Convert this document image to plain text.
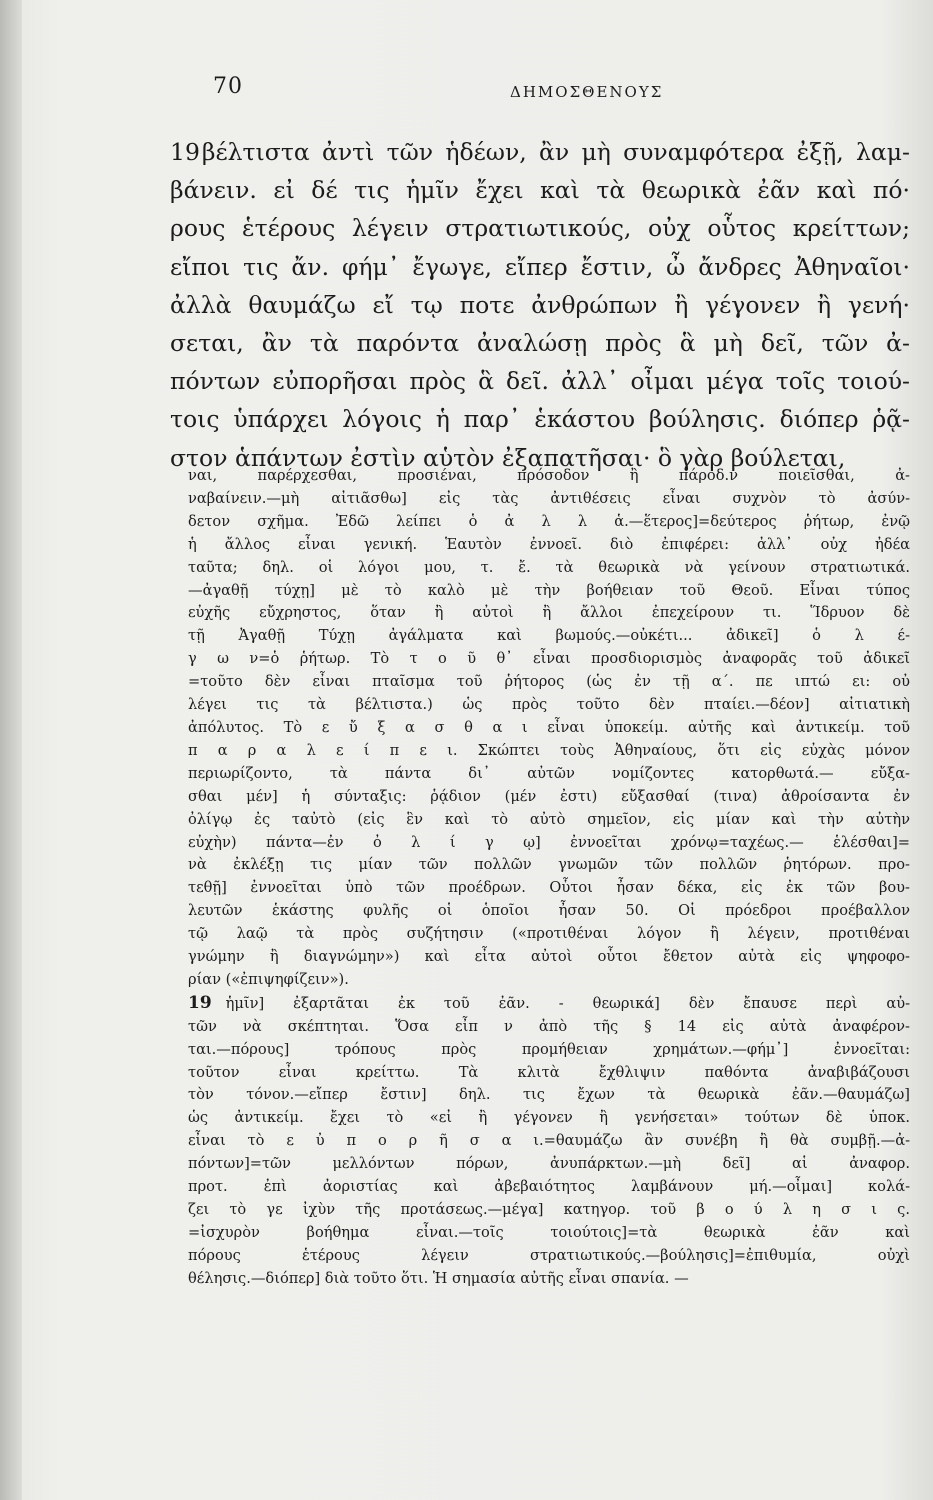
70	ΔΗΜΟΣΘΕΝΟΥΣ
19βέλτιστα ἀντὶ τῶν ἡδέων, ἂν μὴ συναμφότερα ἐξῇ, λαμ-
βάνειν. εἰ δέ τις ἡμῖν ἔχει καὶ τὰ θεωρικὰ ἐᾶν καὶ πό·
ρους ἑτέρους λέγειν στρατιωτικούς, οὐχ οὗτος κρείττων;
εἴποι τις ἄν. φήμ᾽ ἔγωγε, εἴπερ ἔστιν, ὦ ἄνδρες Ἀθηναῖοι·
ἀλλὰ θαυμάζω εἴ τῳ ποτε ἀνθρώπων ἢ γέγονεν ἢ γενή·
σεται, ἂν τὰ παρόντα ἀναλώσῃ πρὸς ἃ μὴ δεῖ, τῶν ἀ-
πόντων εὐπορῆσαι πρὸς ἃ δεῖ. ἀλλ᾽ οἶμαι μέγα τοῖς τοιού-
τοις ὑπάρχει λόγοις ἡ παρ᾽ ἑκάστου βούλησις. διόπερ ῥᾷ-
στον ἁπάντων ἐστὶν αὑτὸν ἐξαπατῆσαι· ὃ γὰρ βούλεται,
ναι, παρέρχεσθαι, προσιέναι, πρόσοδον ἢ πάροδ.ν ποιεῖσθαι, ἀ-
ναβαίνειν.—μὴ αἰτιᾶσθω] εἰς τὰς ἀντιθέσεις εἶναι συχνὸν τὸ ἀσύν-
δετον σχῆμα. Ἐδῶ λείπει ὁ ἀ λ λ ἁ.—ἕτερος]=δεύτερος ῥήτωρ, ἐνῷ
ἡ ἄλλος εἶναι γενική. Ἑαυτὸν ἐννοεῖ. διὸ ἐπιφέρει: ἀλλ᾽ οὐχ ἠδέα
ταῦτα; δηλ. οἱ λόγοι μου, τ. ἔ. τὰ θεωρικὰ νὰ γείνουν στρατιωτικά.
—ἀγαθῇ τύχῃ] μὲ τὸ καλὸ μὲ τὴν βοήθειαν τοῦ Θεοῦ. Εἶναι τύπος
εὐχῆς εὔχρηστος, ὅταν ἢ αὐτοὶ ἢ ἄλλοι ἐπεχείρουν τι. Ἵδρυον δὲ
τῇ Ἀγαθῇ Τύχῃ ἀγάλματα καὶ βωμούς.—οὐκέτι... ἀδικεῖ] ὁ λ έ-
γ ω ν=ὁ ῥήτωρ. Τὸ τ ο ῦ θ᾽ εἶναι προσδιορισμὸς ἀναφορᾶς τοῦ ἀδικεῖ
=τοῦτο δὲν εἶναι πταῖσμα τοῦ ῥήτορος (ὡς ἐν τῇ α΄. πε ιπτώ ει: οὐ
λέγει τις τὰ βέλτιστα.) ὡς πρὸς τοῦτο δὲν πταίει.—δέον] αἰτιατικὴ
ἀπόλυτος. Τὸ ε ὔ ξ α σ θ α ι εἶναι ὑποκείμ. αὐτῆς καὶ ἀντικείμ. τοῦ
π α ρ α λ ε ί π ε ι. Σκώπτει τοὺς Ἀθηναίους, ὅτι εἰς εὐχὰς μόνον
περιωρίζοντο, τὰ πάντα δι᾽ αὐτῶν νομίζοντες κατορθωτά.— εὔξα-
σθαι μέν] ἡ σύνταξις: ῥᾴδιον (μέν ἐστι) εὔξασθαί (τινα) ἀθροίσαντα ἐν
ὀλίγῳ ἐς ταὐτὸ (εἰς ἓν καὶ τὸ αὐτὸ σημεῖον, εἰς μίαν καὶ τὴν αὐτὴν
εὐχὴν) πάντα—ἐν ὀ λ ί γ ῳ] ἐννοεῖται χρόνῳ=ταχέως.— ἑλέσθαι]=
νὰ ἐκλέξῃ τις μίαν τῶν πολλῶν γνωμῶν τῶν πολλῶν ῥητόρων. προ-
τεθῇ] ἐννοεῖται ὑπὸ τῶν προέδρων. Οὗτοι ἦσαν δέκα, εἰς ἐκ τῶν βου-
λευτῶν ἑκάστης φυλῆς οἱ ὁποῖοι ἦσαν 50. Οἱ πρόεδροι προέβαλλον
τῷ λαῷ τὰ πρὸς συζήτησιν («προτιθέναι λόγον ἢ λέγειν, προτιθέναι
γνώμην ἢ διαγνώμην») καὶ εἶτα αὐτοὶ οὗτοι ἔθετον αὐτὰ εἰς ψηφοφο-
ρίαν («ἐπιψηφίζειν»).
19 ἡμῖν] ἐξαρτᾶται ἐκ τοῦ ἐᾶν. - θεωρικά] δὲν ἔπαυσε περὶ αὐ-
τῶν νὰ σκέπτηται. Ὅσα εἶπ ν ἀπὸ τῆς § 14 εἰς αὐτὰ ἀναφέρον-
ται.—πόρους] τρόπους πρὸς προμήθειαν χρημάτων.—φήμ᾽] ἐννοεῖται:
τοῦτον εἶναι κρείττω. Τὰ κλιτὰ ἔχθλιψιν παθόντα ἀναβιβάζουσι
τὸν τόνον.—εἴπερ ἔστιν] δηλ. τις ἔχων τὰ θεωρικὰ ἐᾶν.—θαυμάζω]
ὡς ἀντικείμ. ἔχει τὸ «εἰ ἢ γέγονεν ἢ γενήσεται» τούτων δὲ ὑποκ.
εἶναι τὸ ε ὐ π ο ρ ῆ σ α ι.=θαυμάζω ἂν συνέβη ἢ θὰ συμβῇ.—ἀ-
πόντων]=τῶν μελλόντων πόρων, ἀνυπάρκτων.—μὴ δεῖ] αἱ ἀναφορ.
προτ. ἐπὶ ἀοριστίας καὶ ἀβεβαιότητος λαμβάνουν μή.—οἶμαι] κολά-
ζει τὸ γε ἰχὺν τῆς προτάσεως.—μέγα] κατηγορ. τοῦ β ο ύ λ η σ ι ς.
=ἰσχυρὸν βοήθημα εἶναι.—τοῖς τοιούτοις]=τὰ θεωρικὰ ἐᾶν καὶ
πόρους ἑτέρους λέγειν στρατιωτικούς.—βούλησις]=ἐπιθυμία, οὐχὶ
θέλησις.—διόπερ] διὰ τοῦτο ὅτι. Ἡ σημασία αὐτῆς εἶναι σπανία. —
